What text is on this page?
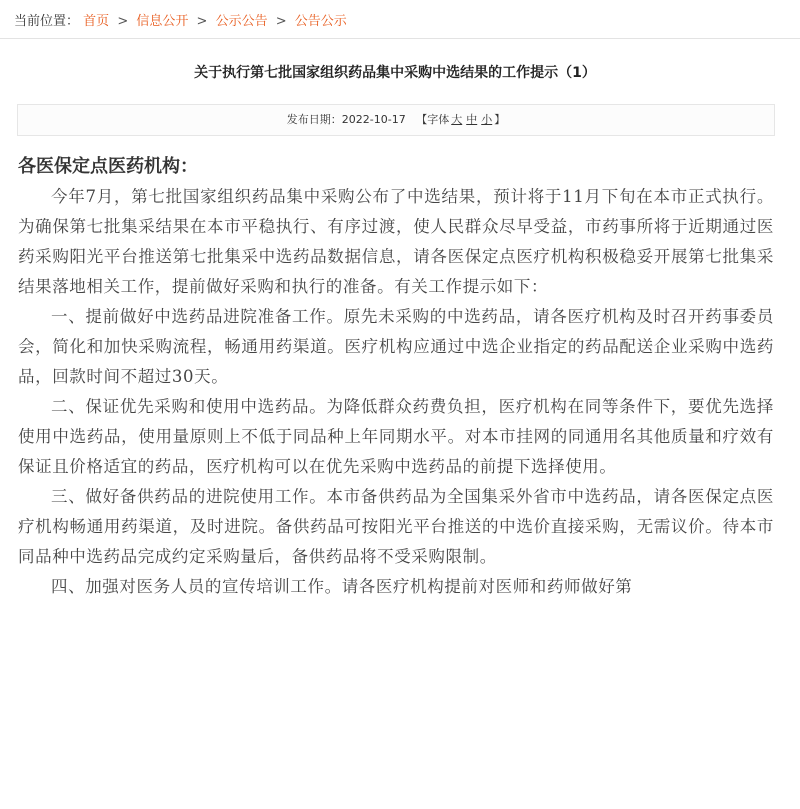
当前位置： 首页 > 信息公开 > 公示公告 > 公告公示
关于执行第七批国家组织药品集中采购中选结果的工作提示（1）
发布日期：2022-10-17 【字体 大 中 小 】
各医保定点医药机构：

今年7月，第七批国家组织药品集中采购公布了中选结果，预计将于11月下旬在本市正式执行。为确保第七批集采结果在本市平稳执行、有序过渡，使人民群众尽早受益，市药事所将于近期通过医药采购阳光平台推送第七批集采中选药品数据信息，请各医保定点医疗机构积极稳妥开展第七批集采结果落地相关工作，提前做好采购和执行的准备。有关工作提示如下：

一、提前做好中选药品进院准备工作。原先未采购的中选药品，请各医疗机构及时召开药事委员会，简化和加快采购流程，畅通用药渠道。医疗机构应通过中选企业指定的药品配送企业采购中选药品，回款时间不超过30天。

二、保证优先采购和使用中选药品。为降低群众药费负担，医疗机构在同等条件下，要优先选择使用中选药品，使用量原则上不低于同品种上年同期水平。对本市挂网的同通用名其他质量和疗效有保证且价格适宜的药品，医疗机构可以在优先采购中选药品的前提下选择使用。

三、做好备供药品的进院使用工作。本市备供药品为全国集采外省市中选药品，请各医保定点医疗机构畅通用药渠道，及时进院。备供药品可按阳光平台推送的中选价直接采购，无需议价。待本市同品种中选药品完成约定采购量后，备供药品将不受采购限制。

四、加强对医务人员的宣传培训工作。请各医疗机构提前对医师和药师做好第
